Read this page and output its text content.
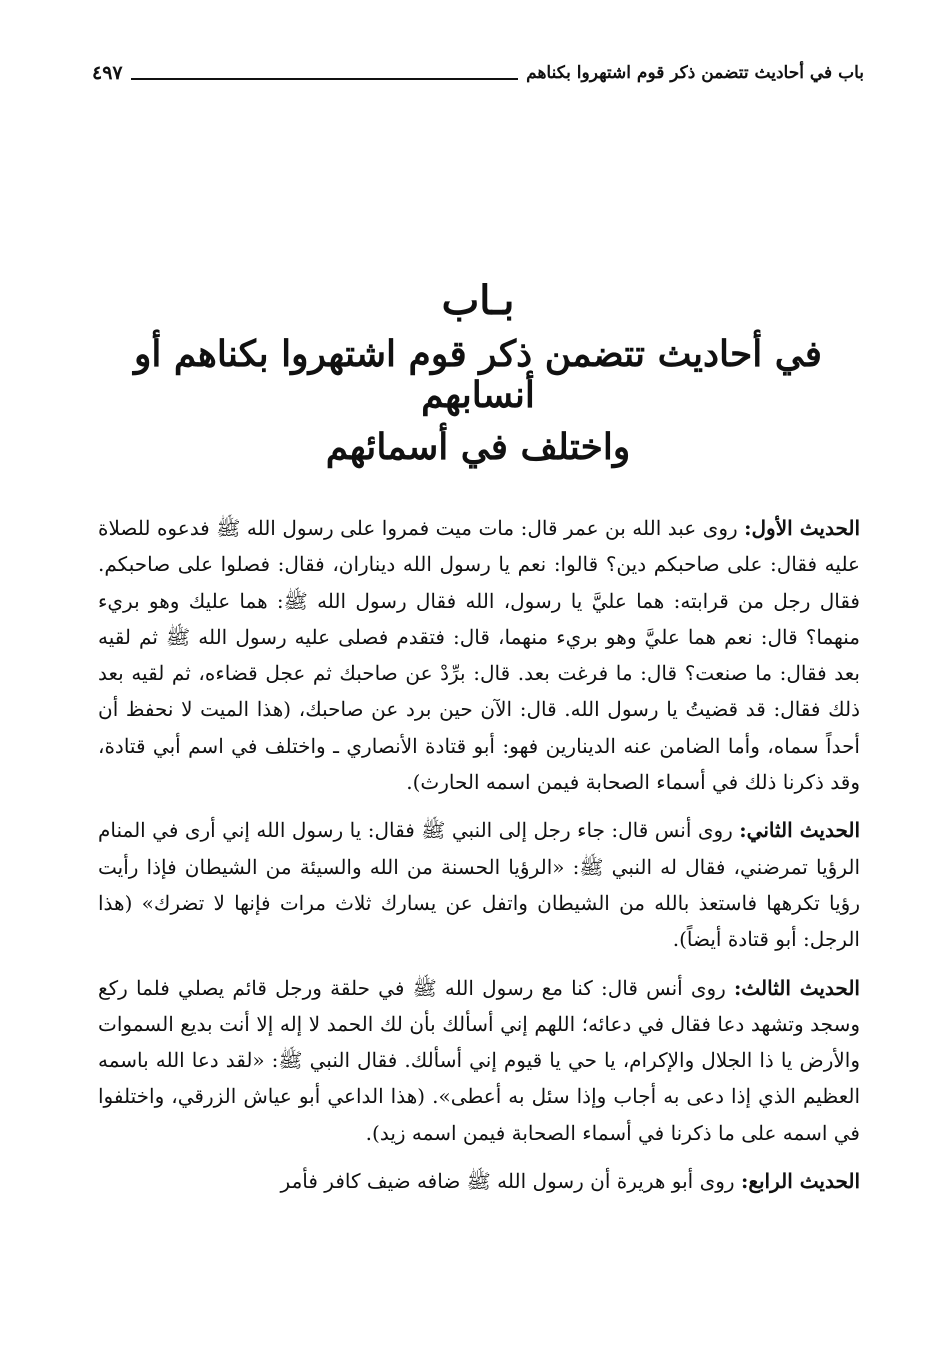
باب في أحاديث تتضمن ذكر قوم اشتهروا بكناهم
٤٩٧
بـاب
في أحاديث تتضمن ذكر قوم اشتهروا بكناهم أو أنسابهم
واختلف في أسمائهم

الحديث الأول: روى عبد الله بن عمر قال: مات ميت فمروا على رسول الله ﷺ فدعوه للصلاة عليه فقال: على صاحبكم دين؟ قالوا: نعم يا رسول الله ديناران، فقال: فصلوا على صاحبكم. فقال رجل من قرابته: هما عليَّ يا رسول، الله فقال رسول الله ﷺ: هما عليك وهو بريء منهما؟ قال: نعم هما عليَّ وهو بريء منهما، قال: فتقدم فصلى عليه رسول الله ﷺ ثم لقيه بعد فقال: ما صنعت؟ قال: ما فرغت بعد. قال: برِّدْ عن صاحبك ثم عجل قضاءه، ثم لقيه بعد ذلك فقال: قد قضيتُ يا رسول الله. قال: الآن حين برد عن صاحبك، (هذا الميت لا نحفظ أن أحداً سماه، وأما الضامن عنه الدينارين فهو: أبو قتادة الأنصاري ـ واختلف في اسم أبي قتادة، وقد ذكرنا ذلك في أسماء الصحابة فيمن اسمه الحارث).

الحديث الثاني: روى أنس قال: جاء رجل إلى النبي ﷺ فقال: يا رسول الله إني أرى في المنام الرؤيا تمرضني، فقال له النبي ﷺ: «الرؤيا الحسنة من الله والسيئة من الشيطان فإذا رأيت رؤيا تكرهها فاستعذ بالله من الشيطان واتفل عن يسارك ثلاث مرات فإنها لا تضرك» (هذا الرجل: أبو قتادة أيضاً).

الحديث الثالث: روى أنس قال: كنا مع رسول الله ﷺ في حلقة ورجل قائم يصلي فلما ركع وسجد وتشهد دعا فقال في دعائه؛ اللهم إني أسألك بأن لك الحمد لا إله إلا أنت بديع السموات والأرض يا ذا الجلال والإكرام، يا حي يا قيوم إني أسألك. فقال النبي ﷺ: «لقد دعا الله باسمه العظيم الذي إذا دعى به أجاب وإذا سئل به أعطى». (هذا الداعي أبو عياش الزرقي، واختلفوا في اسمه على ما ذكرنا في أسماء الصحابة فيمن اسمه زيد).

الحديث الرابع: روى أبو هريرة أن رسول الله ﷺ ضافه ضيف كافر فأمر
